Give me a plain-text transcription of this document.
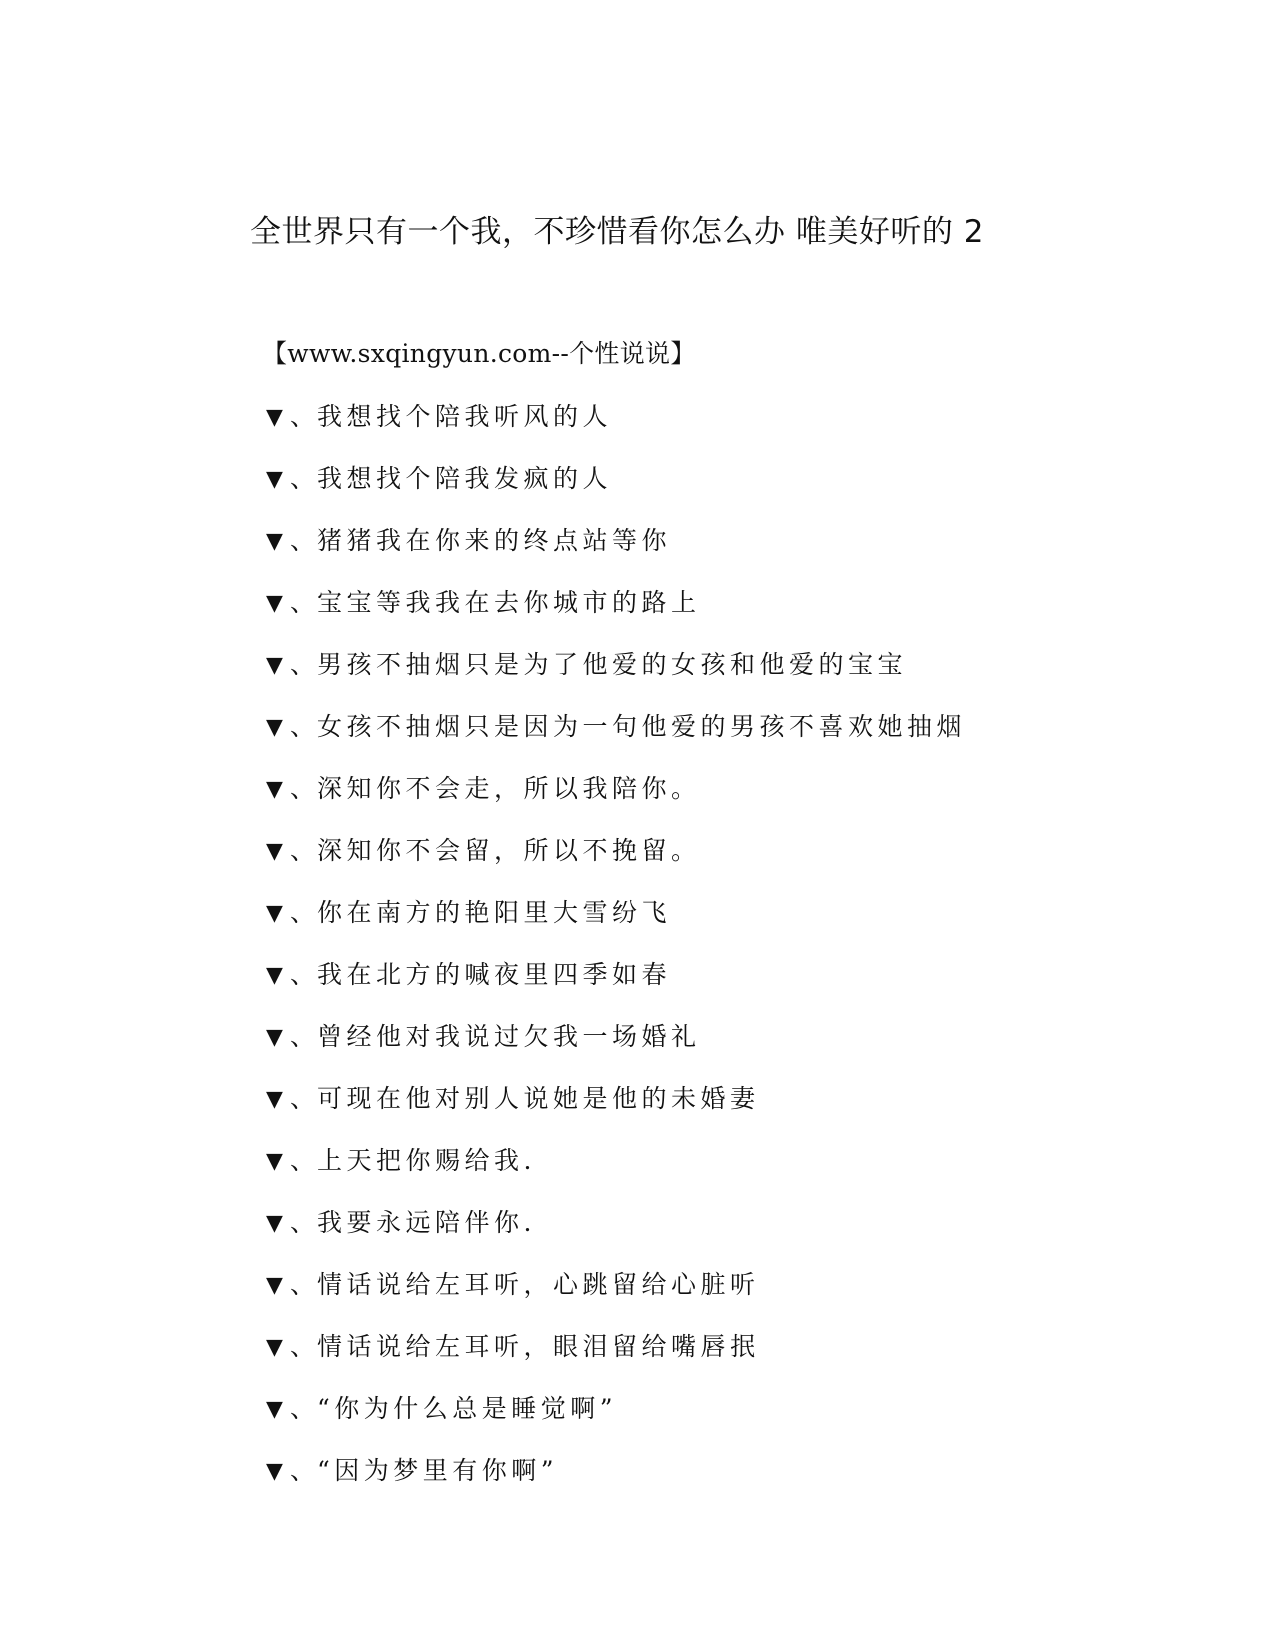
全世界只有一个我，不珍惜看你怎么办 唯美好听的 2
【www.sxqingyun.com--个性说说】
▼ 、我想找个陪我听风的人
▼ 、我想找个陪我发疯的人
▼ 、猪猪我在你来的终点站等你
▼ 、宝宝等我我在去你城市的路上
▼ 、男孩不抽烟只是为了他爱的女孩和他爱的宝宝
▼ 、女孩不抽烟只是因为一句他爱的男孩不喜欢她抽烟
▼ 、深知你不会走，所以我陪你。
▼ 、深知你不会留，所以不挽留。
▼ 、你在南方的艳阳里大雪纷飞
▼ 、我在北方的喊夜里四季如春
▼ 、曾经他对我说过欠我一场婚礼
▼ 、可现在他对别人说她是他的未婚妻
▼ 、上天把你赐给我.
▼ 、我要永远陪伴你.
▼ 、情话说给左耳听，心跳留给心脏听
▼ 、情话说给左耳听，眼泪留给嘴唇抿
▼ 、“你为什么总是睡觉啊”
▼ 、“因为梦里有你啊”
